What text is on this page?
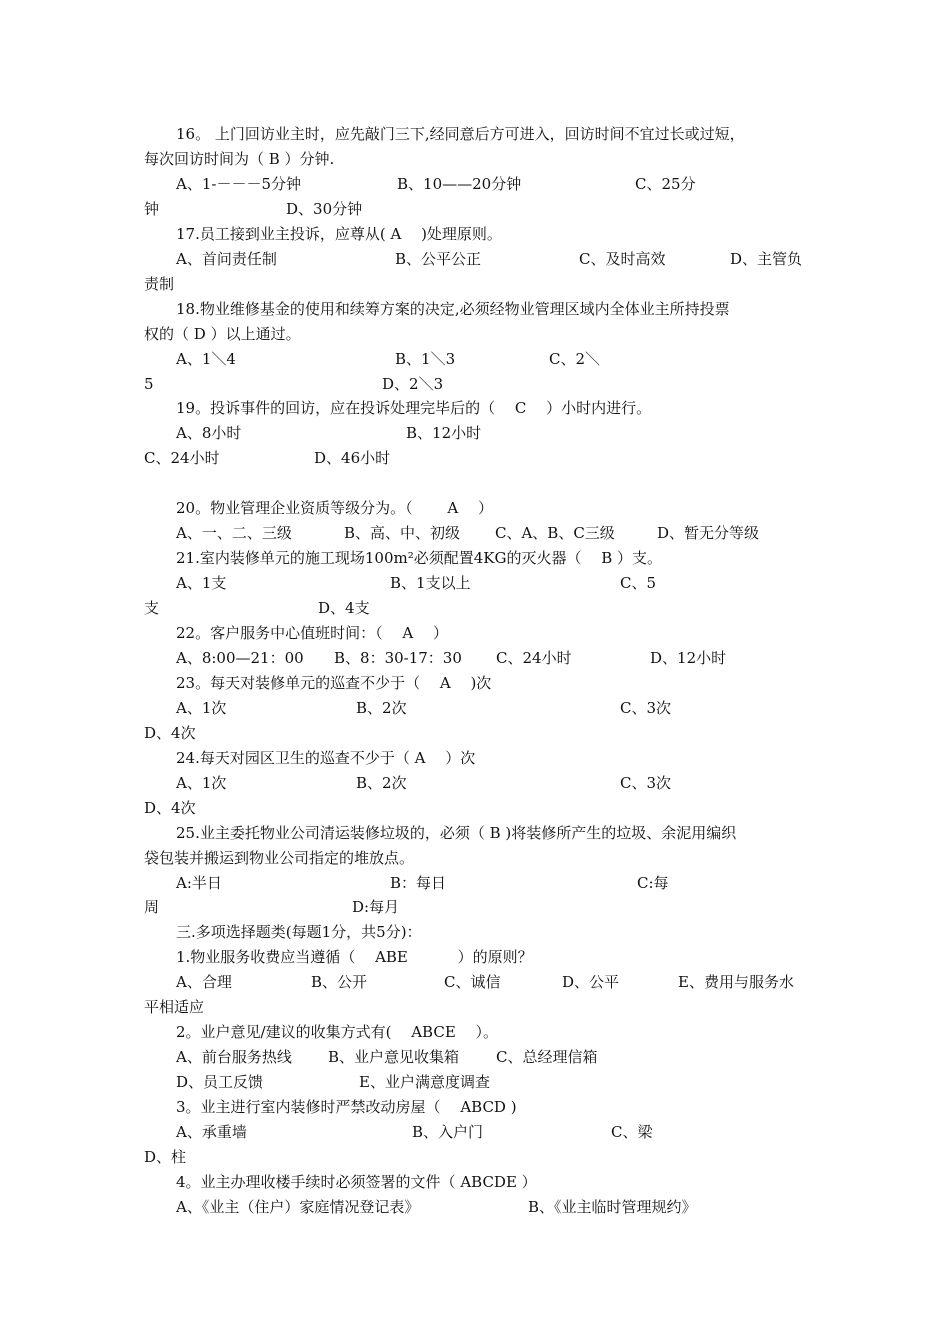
16。 上门回访业主时，应先敲门三下,经同意后方可进入，回访时间不宜过长或过短，
每次回访时间为（ B ）分钟.
A、1-－－－5分钟	B、10——20分钟	C、25分
钟	D、30分钟
17.员工接到业主投诉，应尊从( A　 )处理原则。
A、首问责任制	B、公平公正	C、及时高效	D、主管负
责制
18.物业维修基金的使用和续筹方案的决定,必须经物业管理区域内全体业主所持投票
权的（ D ）以上通过。
A、1＼4	B、1＼3	C、2＼
5	D、2＼3
19。投诉事件的回访，应在投诉处理完毕后的（　 C　 ）小时内进行。
A、8小时	B、12小时
C、24小时	D、46小时
20。物业管理企业资质等级分为。（　　 A　 ）
A、一、二、三级	B、高、中、初级 C、A、B、C三级	D、暂无分等级
21.室内装修单元的施工现场100m²必须配置4KG的灭火器（　 B ）支。
A、1支	B、1支以上	C、5
支	D、4支
22。客户服务中心值班时间：（　 A　 ）
A、8:00—21：00 B、8：30-17：30 C、24小时	D、12小时
23。每天对装修单元的巡查不少于（　 A　 )次
A、1次	B、2次	C、3次
D、4次
24.每天对园区卫生的巡查不少于（ A　 ）次
A、1次	B、2次	C、3次
D、4次
25.业主委托物业公司清运装修垃圾的，必须（ B )将装修所产生的垃圾、余泥用编织
袋包装并搬运到物业公司指定的堆放点。
A:半日	B：每日	C:每
周	D:每月
三.多项选择题类(每题1分，共5分)：
1.物业服务收费应当遵循（　 ABE　　　 ）的原则？
A、合理	B、公开	C、诚信	D、公平	E、费用与服务水
平相适应
2。业户意见/建议的收集方式有(　 ABCE　 ）。
A、前台服务热线 B、业户意见收集箱 C、总经理信箱
D、员工反馈	E、业户满意度调查
3。业主进行室内装修时严禁改动房屋（　 ABCD )
A、承重墙	B、入户门	C、梁
D、柱
4。业主办理收楼手续时必须签署的文件（ ABCDE ）
A、《业主（住户）家庭情况登记表》	B、《业主临时管理规约》
